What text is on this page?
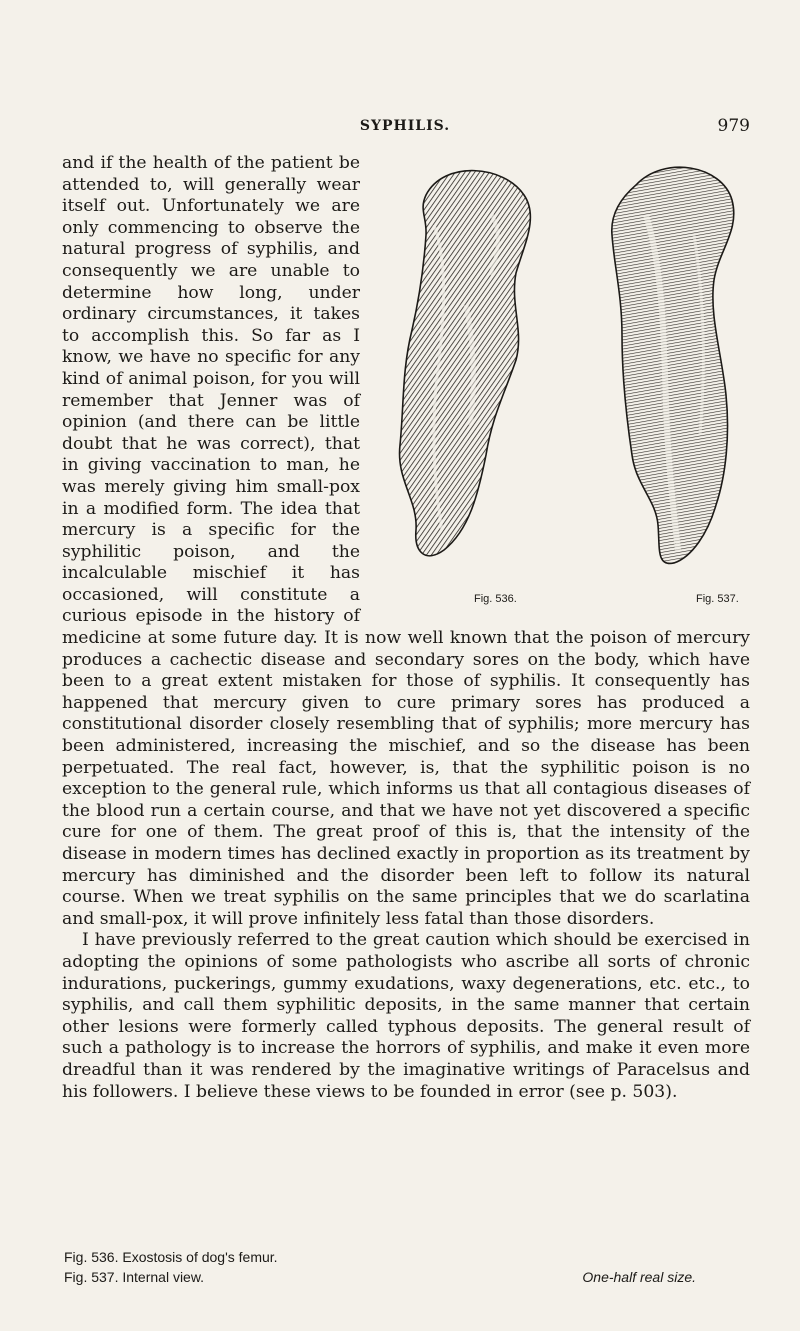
SYPHILIS.	979
Fig. 536.	Fig. 537.

and if the health of the patient be attended to, will generally wear itself out. Unfortunately we are only commencing to observe the natural progress of syphilis, and consequently we are unable to determine how long, under ordinary circumstances, it takes to accomplish this. So far as I know, we have no specific for any kind of animal poison, for you will remember that Jenner was of opinion (and there can be little doubt that he was correct), that in giving vaccination to man, he was merely giving him small-pox in a modified form. The idea that mercury is a specific for the syphilitic poison, and the incalculable mischief it has occasioned, will constitute a curious episode in the history of medicine at some future day. It is now well known that the poison of mercury produces a cachectic disease and secondary sores on the body, which have been to a great extent mistaken for those of syphilis. It consequently has happened that mercury given to cure primary sores has produced a constitutional disorder closely resembling that of syphilis; more mercury has been administered, increasing the mischief, and so the disease has been perpetuated. The real fact, however, is, that the syphilitic poison is no exception to the general rule, which informs us that all contagious diseases of the blood run a certain course, and that we have not yet discovered a specific cure for one of them. The great proof of this is, that the intensity of the disease in modern times has declined exactly in proportion as its treatment by mercury has diminished and the disorder been left to follow its natural course. When we treat syphilis on the same principles that we do scarlatina and small-pox, it will prove infinitely less fatal than those disorders.

I have previously referred to the great caution which should be exercised in adopting the opinions of some pathologists who ascribe all sorts of chronic indurations, puckerings, gummy exudations, waxy degenerations, etc. etc., to syphilis, and call them syphilitic deposits, in the same manner that certain other lesions were formerly called typhous deposits. The general result of such a pathology is to increase the horrors of syphilis, and make it even more dreadful than it was rendered by the imaginative writings of Paracelsus and his followers. I believe these views to be founded in error (see p. 503).

Fig. 536. Exostosis of dog's femur.
Fig. 537. Internal view.	One-half real size.
